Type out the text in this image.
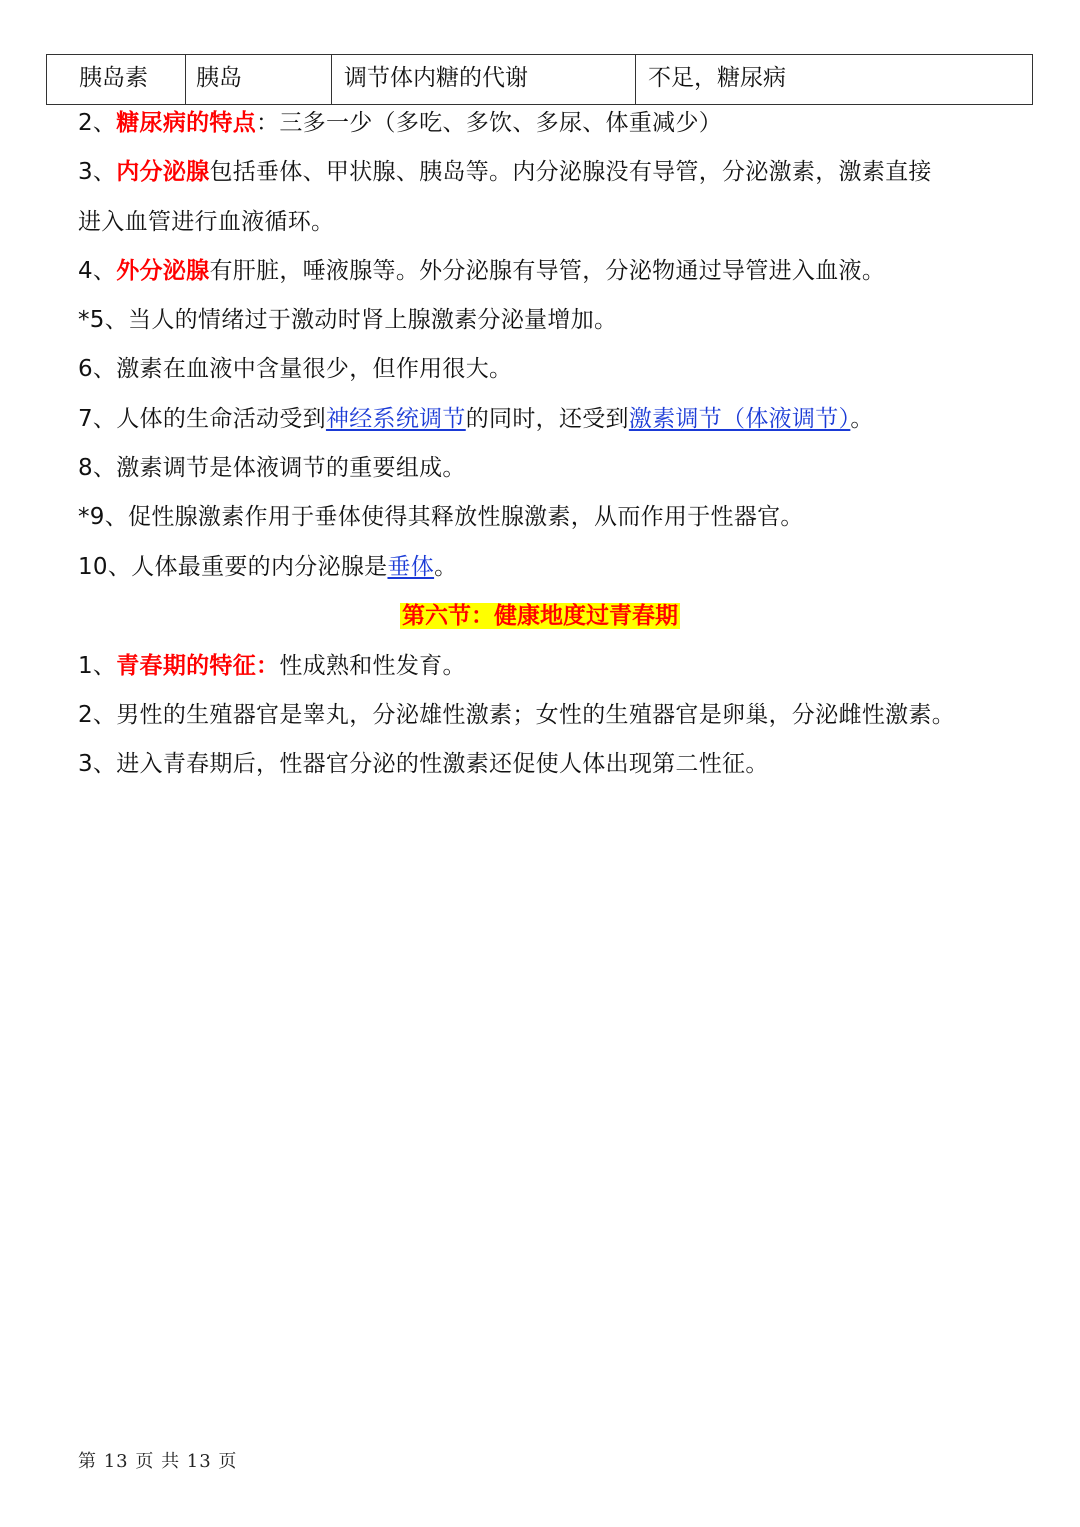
胰岛素	胰岛	调节体内糖的代谢	不足，糖尿病
2、糖尿病的特点：三多一少（多吃、多饮、多尿、体重减少）
3、内分泌腺包括垂体、甲状腺、胰岛等。内分泌腺没有导管，分泌激素，激素直接
进入血管进行血液循环。
4、外分泌腺有肝脏，唾液腺等。外分泌腺有导管，分泌物通过导管进入血液。
*5、当人的情绪过于激动时肾上腺激素分泌量增加。
6、激素在血液中含量很少，但作用很大。
7、人体的生命活动受到神经系统调节的同时，还受到激素调节（体液调节）。
8、激素调节是体液调节的重要组成。
*9、促性腺激素作用于垂体使得其释放性腺激素，从而作用于性器官。
10、人体最重要的内分泌腺是垂体。
第六节：健康地度过青春期
1、青春期的特征：性成熟和性发育。
2、男性的生殖器官是睾丸，分泌雄性激素；女性的生殖器官是卵巢，分泌雌性激素。
3、进入青春期后，性器官分泌的性激素还促使人体出现第二性征。
第 13 页 共 13 页
